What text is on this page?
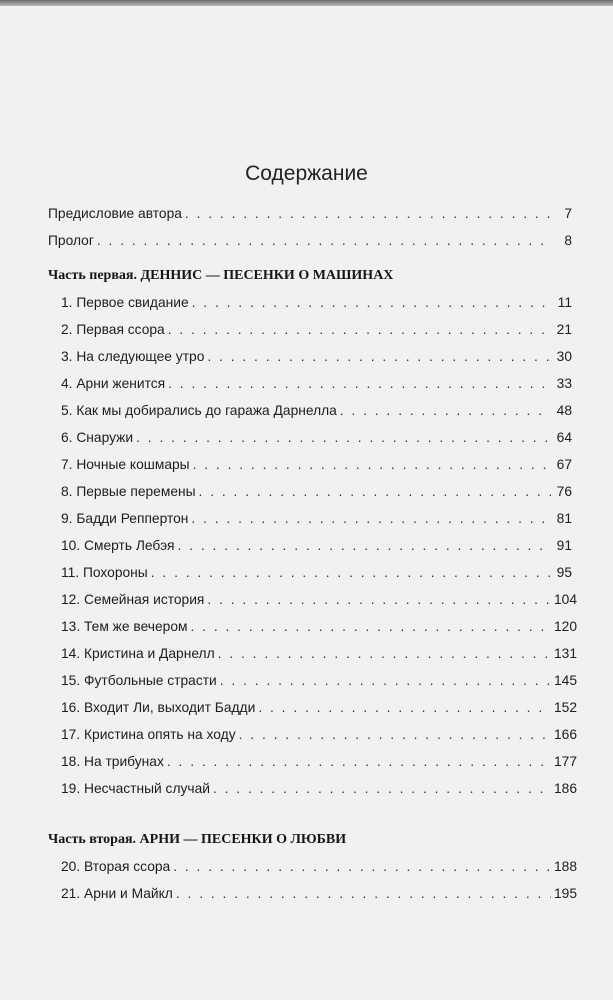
Содержание
Предисловие автора . . .	7
Пролог . . .	8
Часть первая. ДЕННИС — ПЕСЕНКИ О МАШИНАХ
1. Первое свидание . . .	11
2. Первая ссора . . .	21
3. На следующее утро . . .	30
4. Арни женится . . .	33
5. Как мы добирались до гаража Дарнелла . . .	48
6. Снаружи . . .	64
7. Ночные кошмары . . .	67
8. Первые перемены . . .	76
9. Бадди Реппертон . . .	81
10. Смерть Лебэя . . .	91
11. Похороны . . .	95
12. Семейная история . . .	104
13. Тем же вечером . . .	120
14. Кристина и Дарнелл . . .	131
15. Футбольные страсти . . .	145
16. Входит Ли, выходит Бадди . . .	152
17. Кристина опять на ходу . . .	166
18. На трибунах . . .	177
19. Несчастный случай . . .	186
Часть вторая. АРНИ — ПЕСЕНКИ О ЛЮБВИ
20. Вторая ссора . . .	188
21. Арни и Майкл . . .	195
